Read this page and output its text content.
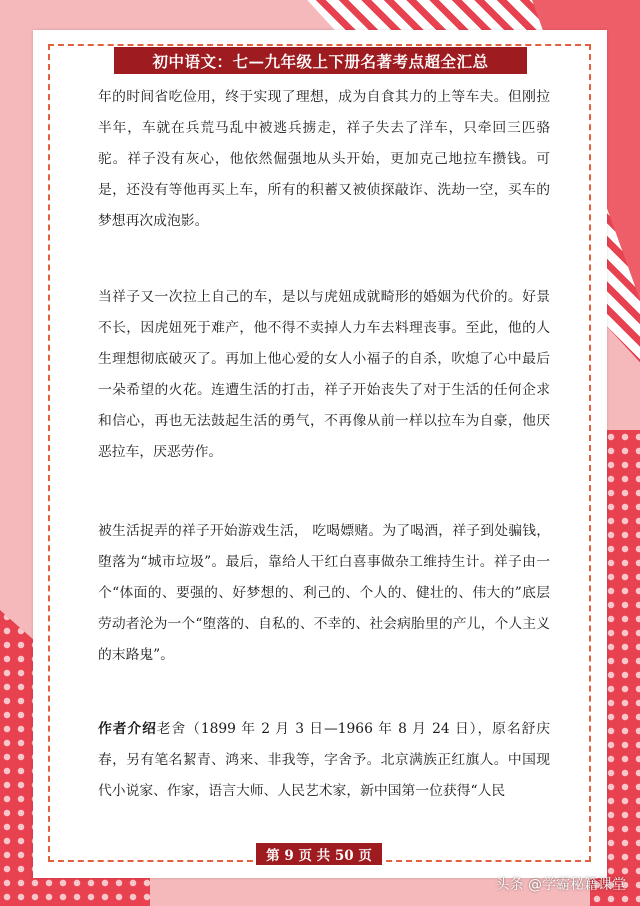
初中语文：七—九年级上下册名著考点超全汇总

年的时间省吃俭用，终于实现了理想，成为自食其力的上等车夫。但刚拉半年，车就在兵荒马乱中被逃兵掳走，祥子失去了洋车，只牵回三匹骆驼。祥子没有灰心，他依然倔强地从头开始，更加克己地拉车攒钱。可是，还没有等他再买上车，所有的积蓄又被侦探敲诈、洗劫一空，买车的梦想再次成泡影。

当祥子又一次拉上自己的车，是以与虎妞成就畸形的婚姻为代价的。好景不长，因虎妞死于难产，他不得不卖掉人力车去料理丧事。至此，他的人生理想彻底破灭了。再加上他心爱的女人小福子的自杀，吹熄了心中最后一朵希望的火花。连遭生活的打击，祥子开始丧失了对于生活的任何企求和信心，再也无法鼓起生活的勇气，不再像从前一样以拉车为自豪，他厌恶拉车，厌恶劳作。

被生活捉弄的祥子开始游戏生活， 吃喝嫖赌。为了喝酒，祥子到处骗钱，堕落为“城市垃圾”。最后，靠给人干红白喜事做杂工维持生计。祥子由一个“体面的、要强的、好梦想的、利己的、个人的、健壮的、伟大的”底层劳动者沦为一个“堕落的、自私的、不幸的、社会病胎里的产儿，个人主义的末路鬼”。

作者介绍老舍（1899 年 2 月 3 日—1966 年 8 月 24 日），原名舒庆春，另有笔名絜青、鸿来、非我等，字舍予。北京满族正红旗人。中国现代小说家、作家，语言大师、人民艺术家，新中国第一位获得“人民

第 9 页 共 50 页
头条 @学霸秘籍课堂
